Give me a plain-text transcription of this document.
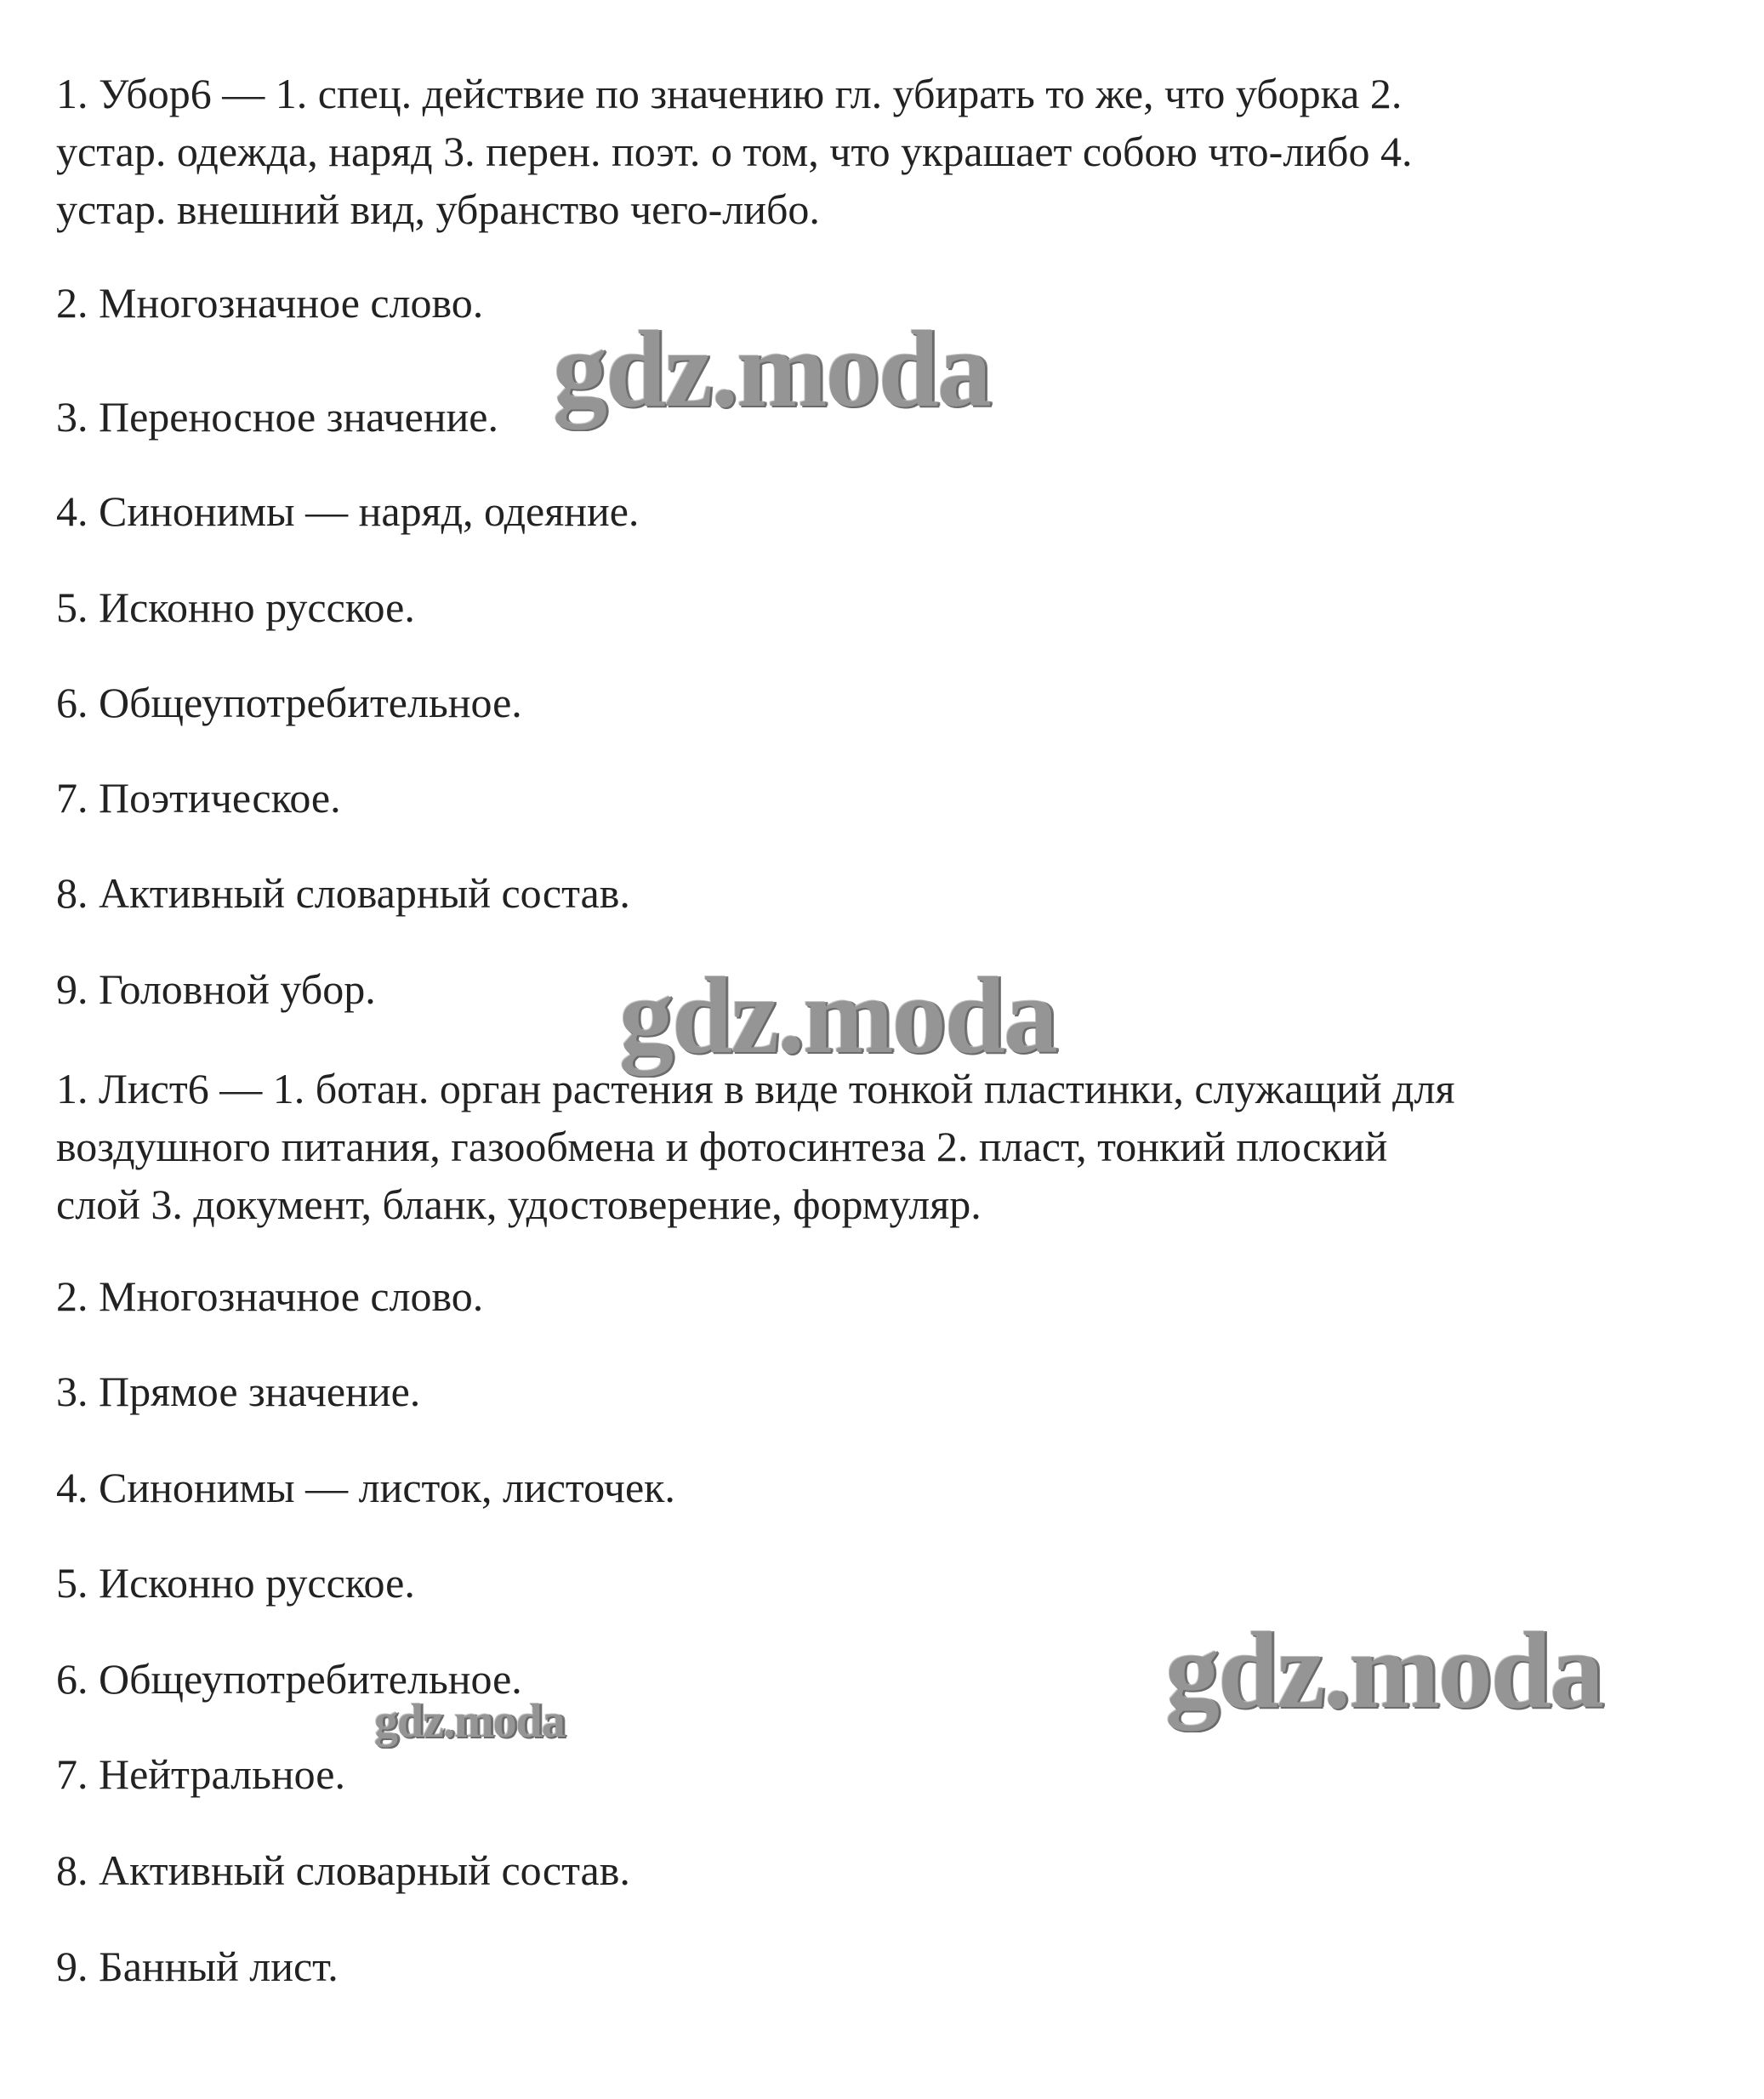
1. Убор6 — 1. спец. действие по значению гл. убирать то же, что уборка 2.
устар. одежда, наряд 3. перен. поэт. о том, что украшает собою что-либо 4.
устар. внешний вид, убранство чего-либо.
2. Многозначное слово.
3. Переносное значение.
4. Синонимы — наряд, одеяние.
5. Исконно русское.
6. Общеупотребительное.
7. Поэтическое.
8. Активный словарный состав.
9. Головной убор.
1. Лист6 — 1. ботан. орган растения в виде тонкой пластинки, служащий для
воздушного питания, газообмена и фотосинтеза 2. пласт, тонкий плоский
слой 3. документ, бланк, удостоверение, формуляр.
2. Многозначное слово.
3. Прямое значение.
4. Синонимы — листок, листочек.
5. Исконно русское.
6. Общеупотребительное.
7. Нейтральное.
8. Активный словарный состав.
9. Банный лист.
gdz.moda
gdz.moda
gdz.moda
gdz.moda
